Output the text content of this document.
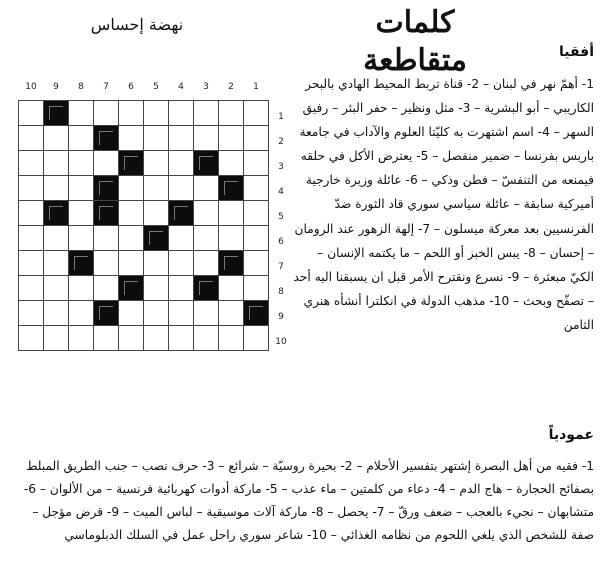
كلمات متقاطعة
نهضة إحساس
أفقيا
10	9	8	7	6	5	4	3	2	1
1
2
3
4
5
6
7
8
9
10
1- أهمّ نهر في لبنان – 2- قناة تربط المحيط الهادي بالبحر الكاريبي – أبو البشرية – 3- مثل ونظير – حفر البئر – رفيق السهر – 4- اسم اشتهرت به كليّتا العلوم والآداب في جامعة باريس بفرنسا – ضمير منفصل – 5- يعترض الأكل في حلقه فيمنعه من التنفسّ – فطن وذكي – 6- عائلة وزيرة خارجية أميركية سابقة – عائلة سياسي سوري قاد الثورة ضدّ الفرنسيين بعد معركة ميسلون – 7- إلهة الزهور عند الرومان – إحسان – 8- يبس الخبز أو اللحم – ما يكتمه الإنسان – الكيّ مبعثرة – 9- نسرع ونقترح الأمر قبل ان يسبقنا اليه أحد – تصفّح وبحث – 10- مذهب الدولة في انكلترا أنشأه هنري الثامن
عمودياً
1- فقيه من أهل البصرة إشتهر بتفسير الأحلام – 2- بحيرة روسيّة – شرائع – 3- حرف نصب – جنب الطريق المبلط بصفائح الحجارة – هاج الدم – 4- دعاء من كلمتين – ماء عذب – 5- ماركة أدوات كهربائية فرنسية – من الألوان – 6- متشابهان – نجيء بالعجب – ضعف ورقّ – 7- يحصل – 8- ماركة آلات موسيقية – لباس الميت – 9- قرض مؤجل – صفة للشخص الذي يلغي اللحوم من نظامه الغذائي – 10- شاعر سوري راحل عمل في السلك الدبلوماسي
